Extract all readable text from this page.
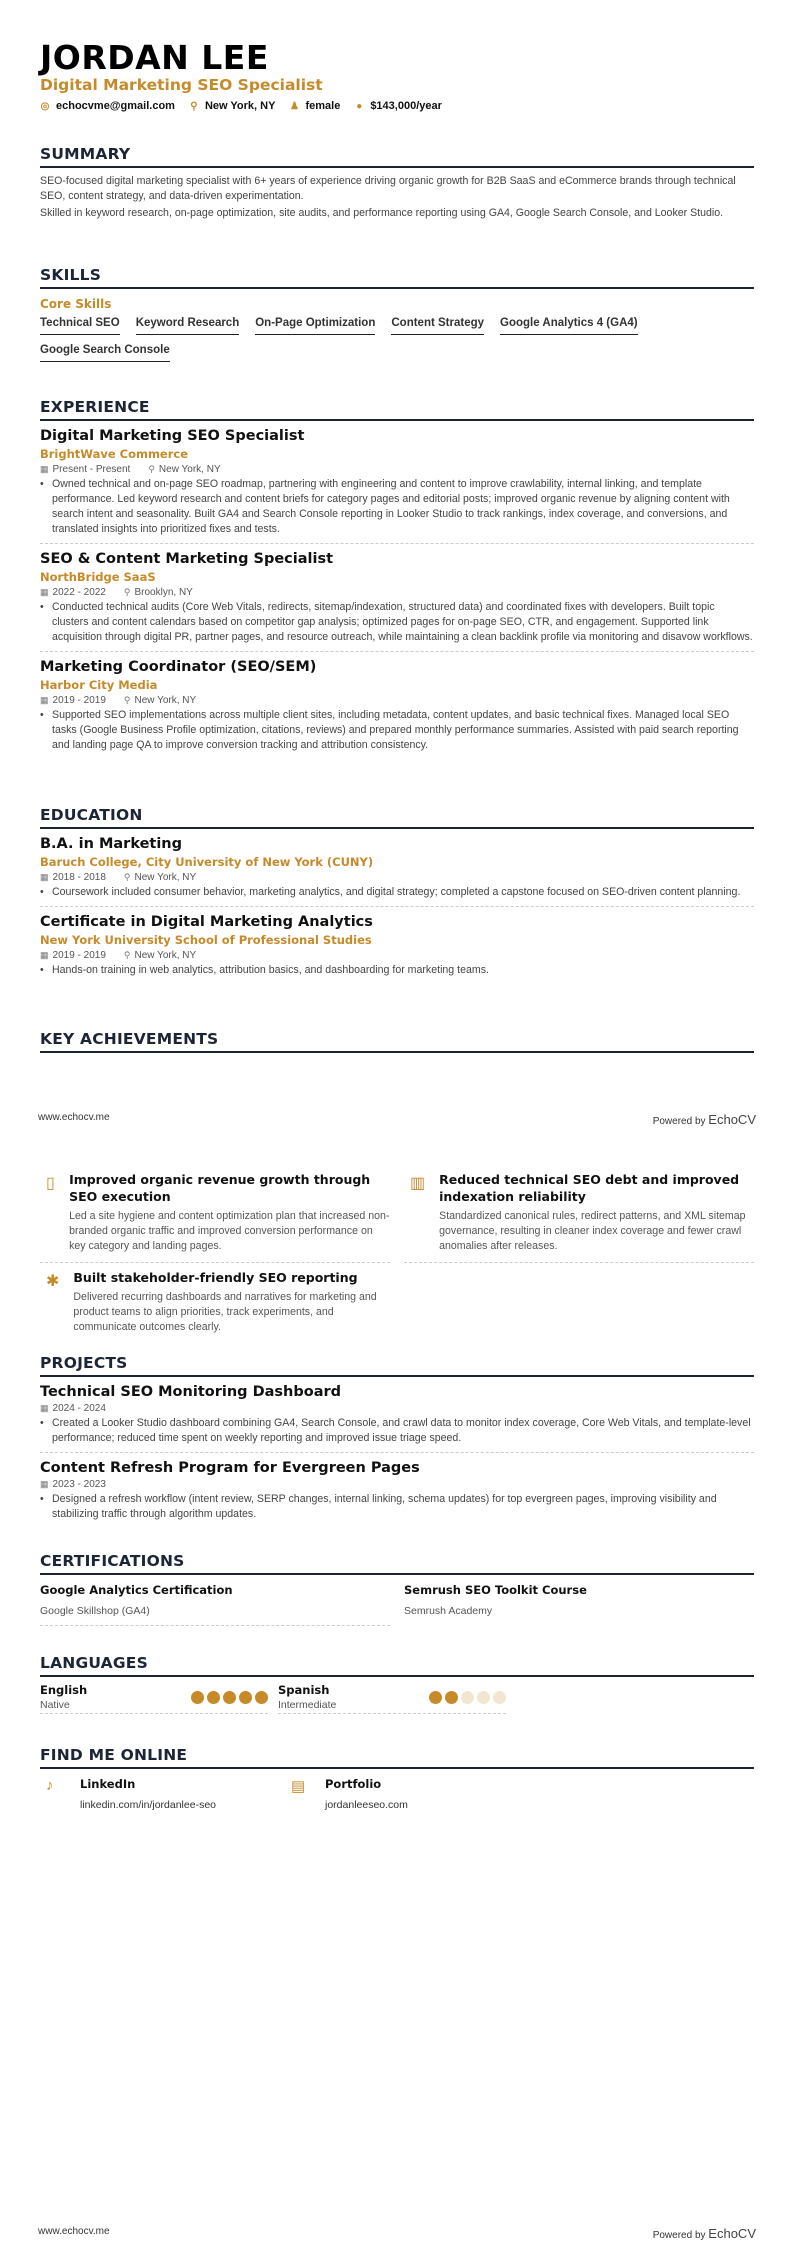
JORDAN LEE
Digital Marketing SEO Specialist
◎ echocvme@gmail.com ⚲ New York, NY ♟ female ● $143,000/year
SUMMARY

SEO-focused digital marketing specialist with 6+ years of experience driving organic growth for B2B SaaS and eCommerce brands through technical SEO, content strategy, and data-driven experimentation.

Skilled in keyword research, on-page optimization, site audits, and performance reporting using GA4, Google Search Console, and Looker Studio.

SKILLS
Core Skills
Technical SEO Keyword Research On-Page Optimization Content Strategy Google Analytics 4 (GA4)
Google Search Console
EXPERIENCE
Digital Marketing SEO Specialist
BrightWave Commerce
▦ Present - Present ⚲ New York, NY
• Owned technical and on-page SEO roadmap, partnering with engineering and content to improve crawlability, internal linking, and template performance. Led keyword research and content briefs for category pages and editorial posts; improved organic revenue by aligning content with search intent and seasonality. Built GA4 and Search Console reporting in Looker Studio to track rankings, index coverage, and conversions, and translated insights into prioritized fixes and tests.
SEO & Content Marketing Specialist
NorthBridge SaaS
▦ 2022 - 2022 ⚲ Brooklyn, NY
• Conducted technical audits (Core Web Vitals, redirects, sitemap/indexation, structured data) and coordinated fixes with developers. Built topic clusters and content calendars based on competitor gap analysis; optimized pages for on-page SEO, CTR, and engagement. Supported link acquisition through digital PR, partner pages, and resource outreach, while maintaining a clean backlink profile via monitoring and disavow workflows.
Marketing Coordinator (SEO/SEM)
Harbor City Media
▦ 2019 - 2019 ⚲ New York, NY
• Supported SEO implementations across multiple client sites, including metadata, content updates, and basic technical fixes. Managed local SEO tasks (Google Business Profile optimization, citations, reviews) and prepared monthly performance summaries. Assisted with paid search reporting and landing page QA to improve conversion tracking and attribution consistency.
EDUCATION
B.A. in Marketing
Baruch College, City University of New York (CUNY)
▦ 2018 - 2018 ⚲ New York, NY
• Coursework included consumer behavior, marketing analytics, and digital strategy; completed a capstone focused on SEO-driven content planning.
Certificate in Digital Marketing Analytics
New York University School of Professional Studies
▦ 2019 - 2019 ⚲ New York, NY
• Hands-on training in web analytics, attribution basics, and dashboarding for marketing teams.
KEY ACHIEVEMENTS
www.echocv.me	Powered by EchoCV
▯ Improved organic revenue growth through SEO execution
Led a site hygiene and content optimization plan that increased non-branded organic traffic and improved conversion performance on key category and landing pages.
▥ Reduced technical SEO debt and improved indexation reliability
Standardized canonical rules, redirect patterns, and XML sitemap governance, resulting in cleaner index coverage and fewer crawl anomalies after releases.
✱ Built stakeholder-friendly SEO reporting
Delivered recurring dashboards and narratives for marketing and product teams to align priorities, track experiments, and communicate outcomes clearly.
PROJECTS
Technical SEO Monitoring Dashboard
▦ 2024 - 2024
• Created a Looker Studio dashboard combining GA4, Search Console, and crawl data to monitor index coverage, Core Web Vitals, and template-level performance; reduced time spent on weekly reporting and improved issue triage speed.
Content Refresh Program for Evergreen Pages
▦ 2023 - 2023
• Designed a refresh workflow (intent review, SERP changes, internal linking, schema updates) for top evergreen pages, improving visibility and stabilizing traffic through algorithm updates.
CERTIFICATIONS
Google Analytics Certification
Google Skillshop (GA4)
Semrush SEO Toolkit Course
Semrush Academy
LANGUAGES
English
Native
Spanish
Intermediate
FIND ME ONLINE
♪	LinkedIn
linkedin.com/in/jordanlee-seo
▤	Portfolio
jordanleeseo.com
www.echocv.me	Powered by EchoCV
